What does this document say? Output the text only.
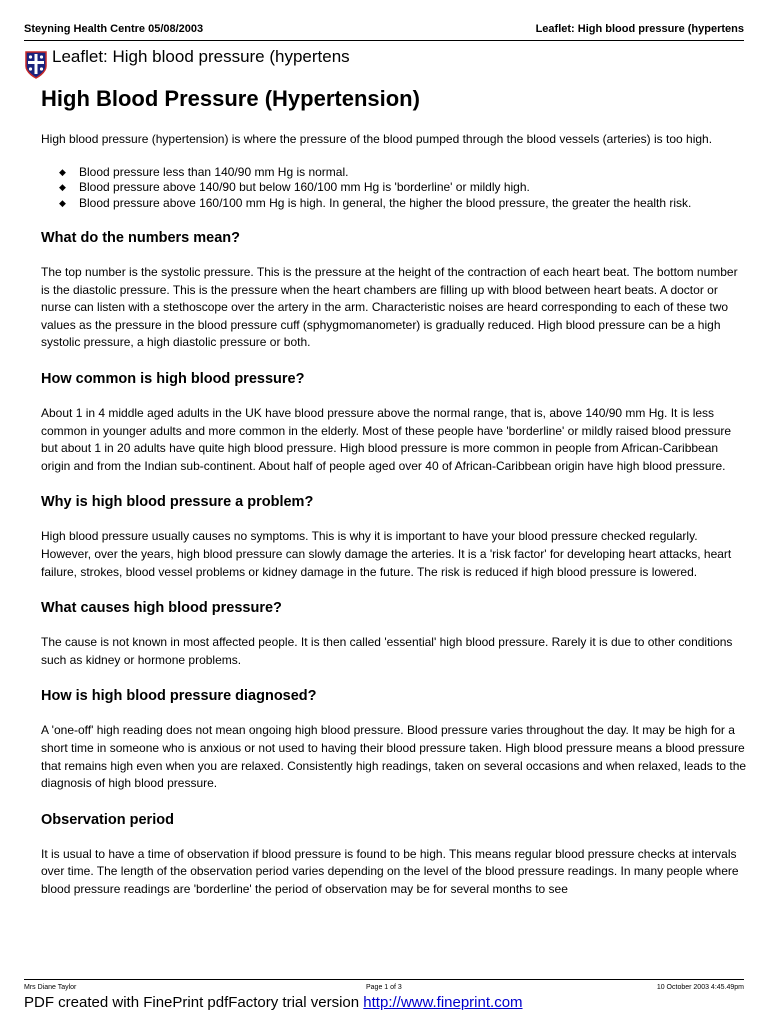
Steyning Health Centre 05/08/2003	Leaflet: High blood pressure (hypertens
Leaflet: High blood pressure (hypertens
High Blood Pressure (Hypertension)

High blood pressure (hypertension) is where the pressure of the blood pumped through the blood vessels (arteries) is too high.

◆ Blood pressure less than 140/90 mm Hg is normal.
◆ Blood pressure above 140/90 but below 160/100 mm Hg is 'borderline' or mildly high.
◆ Blood pressure above 160/100 mm Hg is high. In general, the higher the blood pressure, the greater the health risk.
What do the numbers mean?

The top number is the systolic pressure. This is the pressure at the height of the contraction of each heart beat. The bottom number is the diastolic pressure. This is the pressure when the heart chambers are filling up with blood between heart beats. A doctor or nurse can listen with a stethoscope over the artery in the arm. Characteristic noises are heard corresponding to each of these two values as the pressure in the blood pressure cuff (sphygmomanometer) is gradually reduced. High blood pressure can be a high systolic pressure, a high diastolic pressure or both.

How common is high blood pressure?

About 1 in 4 middle aged adults in the UK have blood pressure above the normal range, that is, above 140/90 mm Hg. It is less common in younger adults and more common in the elderly. Most of these people have 'borderline' or mildly raised blood pressure but about 1 in 20 adults have quite high blood pressure. High blood pressure is more common in people from African-Caribbean origin and from the Indian sub-continent. About half of people aged over 40 of African-Caribbean origin have high blood pressure.

Why is high blood pressure a problem?

High blood pressure usually causes no symptoms. This is why it is important to have your blood pressure checked regularly. However, over the years, high blood pressure can slowly damage the arteries. It is a 'risk factor' for developing heart attacks, heart failure, strokes, blood vessel problems or kidney damage in the future. The risk is reduced if high blood pressure is lowered.

What causes high blood pressure?

The cause is not known in most affected people. It is then called 'essential' high blood pressure. Rarely it is due to other conditions such as kidney or hormone problems.

How is high blood pressure diagnosed?

A 'one-off' high reading does not mean ongoing high blood pressure. Blood pressure varies throughout the day. It may be high for a short time in someone who is anxious or not used to having their blood pressure taken. High blood pressure means a blood pressure that remains high even when you are relaxed. Consistently high readings, taken on several occasions and when relaxed, leads to the diagnosis of high blood pressure.

Observation period

It is usual to have a time of observation if blood pressure is found to be high. This means regular blood pressure checks at intervals over time. The length of the observation period varies depending on the level of the blood pressure readings. In many people where blood pressure readings are 'borderline' the period of observation may be for several months to see

Mrs Diane Taylor	Page 1 of 3	10 October 2003 4:45.49pm
PDF created with FinePrint pdfFactory trial version http://www.fineprint.com
